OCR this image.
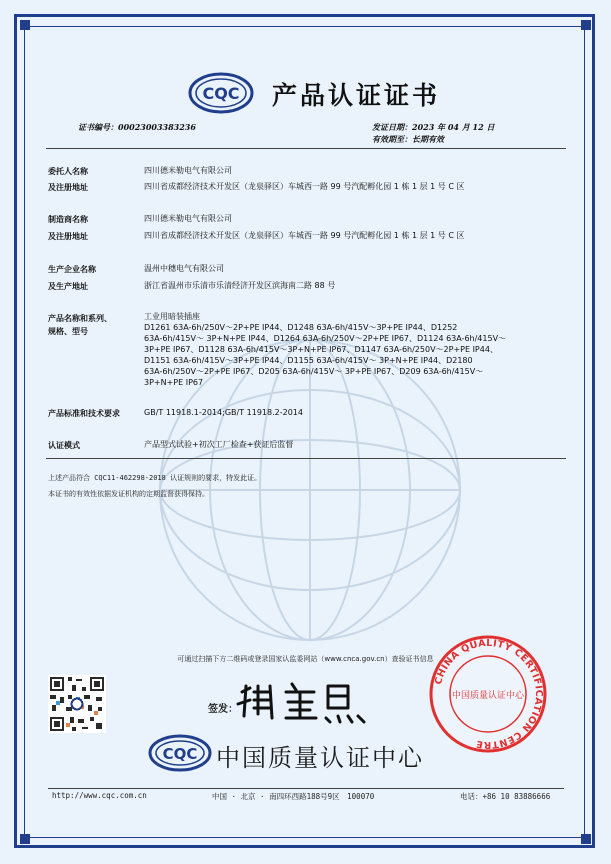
CQC 产品认证证书
证书编号：00023003383236	发证日期：2023 年 04 月 12 日
有效期至：长期有效
委托人名称	四川德米勒电气有限公司
及注册地址	四川省成都经济技术开发区（龙泉驿区）车城西一路 99 号汽配孵化园 1 栋 1 层 1 号 C 区
制造商名称	四川德米勒电气有限公司
及注册地址	四川省成都经济技术开发区（龙泉驿区）车城西一路 99 号汽配孵化园 1 栋 1 层 1 号 C 区
生产企业名称	温州中穗电气有限公司
及生产地址	浙江省温州市乐清市乐清经济开发区滨海南二路 88 号
产品名称和系列、
规格、型号
工业用暗装插座
D1261 63A-6h/250V～2P+PE IP44、D1248 63A-6h/415V～3P+PE IP44、D1252
63A-6h/415V～ 3P+N+PE IP44、D1264 63A-6h/250V～2P+PE IP67、D1124 63A-6h/415V～
3P+PE IP67、D1128 63A-6h/415V～3P+N+PE IP67、D1147 63A-6h/250V～2P+PE IP44、
D1151 63A-6h/415V～3P+PE IP44、D1155 63A-6h/415V～ 3P+N+PE IP44、D2180
63A-6h/250V～2P+PE IP67、D205 63A-6h/415V～ 3P+PE IP67、D209 63A-6h/415V～
3P+N+PE IP67
产品标准和技术要求	GB/T 11918.1-2014;GB/T 11918.2-2014
认证模式	产品型式试验+初次工厂检查+获证后监督
上述产品符合 CQC11-462298-2018 认证规则的要求，特发此证。
本证书的有效性依据发证机构的定期监督获得保持。
可通过扫描下方二维码或登录国家认监委网站（www.cnca.gov.cn）查验证书信息
签发：
CHINA QUALITY CERTIFICATION CENTRE
中国质量认证中心
CQC 中国质量认证中心
http://www.cqc.com.cn	中国 · 北京 · 南四环西路188号9区　100070	电话：+86 10 83886666
